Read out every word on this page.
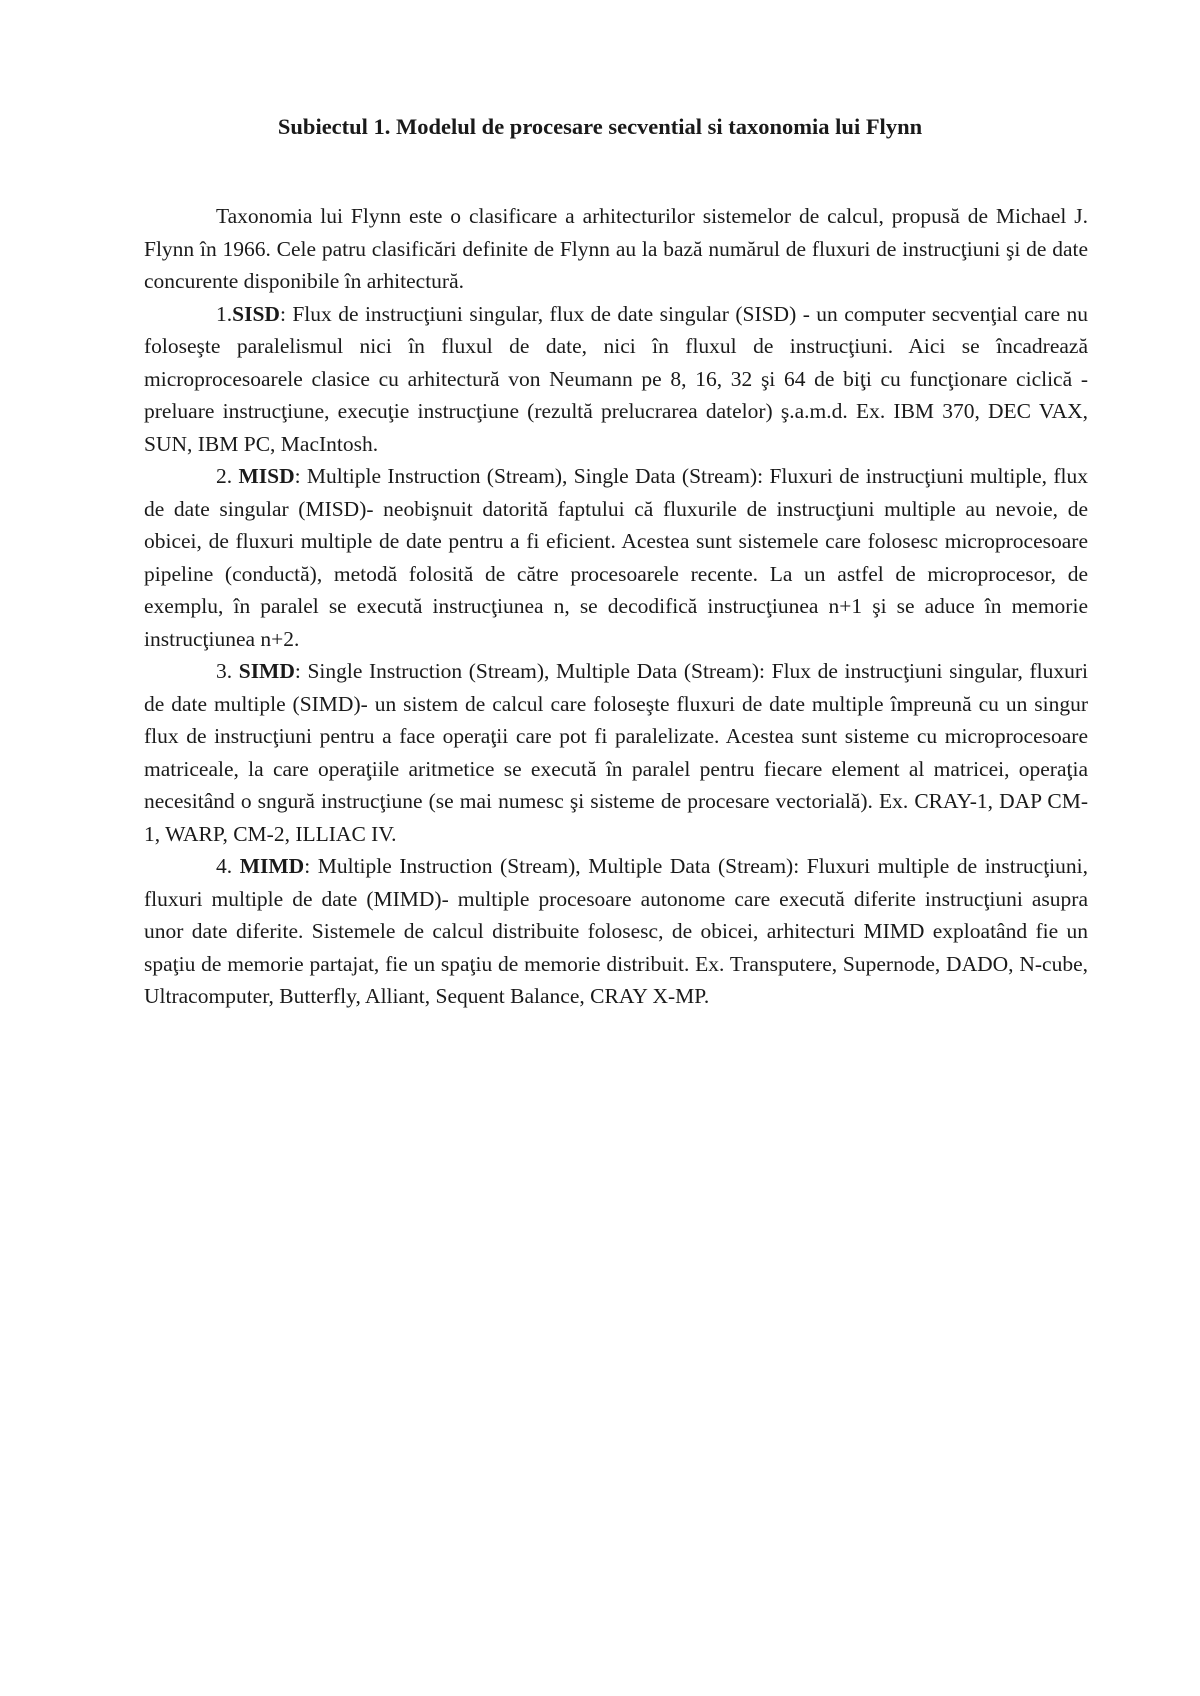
Subiectul 1. Modelul de procesare secvential si taxonomia lui Flynn

Taxonomia lui Flynn este o clasificare a arhitecturilor sistemelor de calcul, propusă de Michael J. Flynn în 1966. Cele patru clasificări definite de Flynn au la bază numărul de fluxuri de instrucţiuni şi de date concurente disponibile în arhitectură.

1.SISD: Flux de instrucţiuni singular, flux de date singular (SISD) - un computer secvenţial care nu foloseşte paralelismul nici în fluxul de date, nici în fluxul de instrucţiuni. Aici se încadrează microprocesoarele clasice cu arhitectură von Neumann pe 8, 16, 32 şi 64 de biţi cu funcţionare ciclică - preluare instrucţiune, execuţie instrucţiune (rezultă prelucrarea datelor) ş.a.m.d. Ex. IBM 370, DEC VAX, SUN, IBM PC, MacIntosh.

2. MISD: Multiple Instruction (Stream), Single Data (Stream): Fluxuri de instrucţiuni multiple, flux de date singular (MISD)- neobişnuit datorită faptului că fluxurile de instrucţiuni multiple au nevoie, de obicei, de fluxuri multiple de date pentru a fi eficient. Acestea sunt sistemele care folosesc microprocesoare pipeline (conductă), metodă folosită de către procesoarele recente. La un astfel de microprocesor, de exemplu, în paralel se execută instrucţiunea n, se decodifică instrucţiunea n+1 şi se aduce în memorie instrucţiunea n+2.

3. SIMD: Single Instruction (Stream), Multiple Data (Stream): Flux de instrucţiuni singular, fluxuri de date multiple (SIMD)- un sistem de calcul care foloseşte fluxuri de date multiple împreună cu un singur flux de instrucţiuni pentru a face operaţii care pot fi paralelizate. Acestea sunt sisteme cu microprocesoare matriceale, la care operaţiile aritmetice se execută în paralel pentru fiecare element al matricei, operaţia necesitând o sngură instrucţiune (se mai numesc şi sisteme de procesare vectorială). Ex. CRAY-1, DAP CM-1, WARP, CM-2, ILLIAC IV.

4. MIMD: Multiple Instruction (Stream), Multiple Data (Stream): Fluxuri multiple de instrucţiuni, fluxuri multiple de date (MIMD)- multiple procesoare autonome care execută diferite instrucţiuni asupra unor date diferite. Sistemele de calcul distribuite folosesc, de obicei, arhitecturi MIMD exploatând fie un spaţiu de memorie partajat, fie un spaţiu de memorie distribuit. Ex. Transputere, Supernode, DADO, N-cube, Ultracomputer, Butterfly, Alliant, Sequent Balance, CRAY X-MP.
